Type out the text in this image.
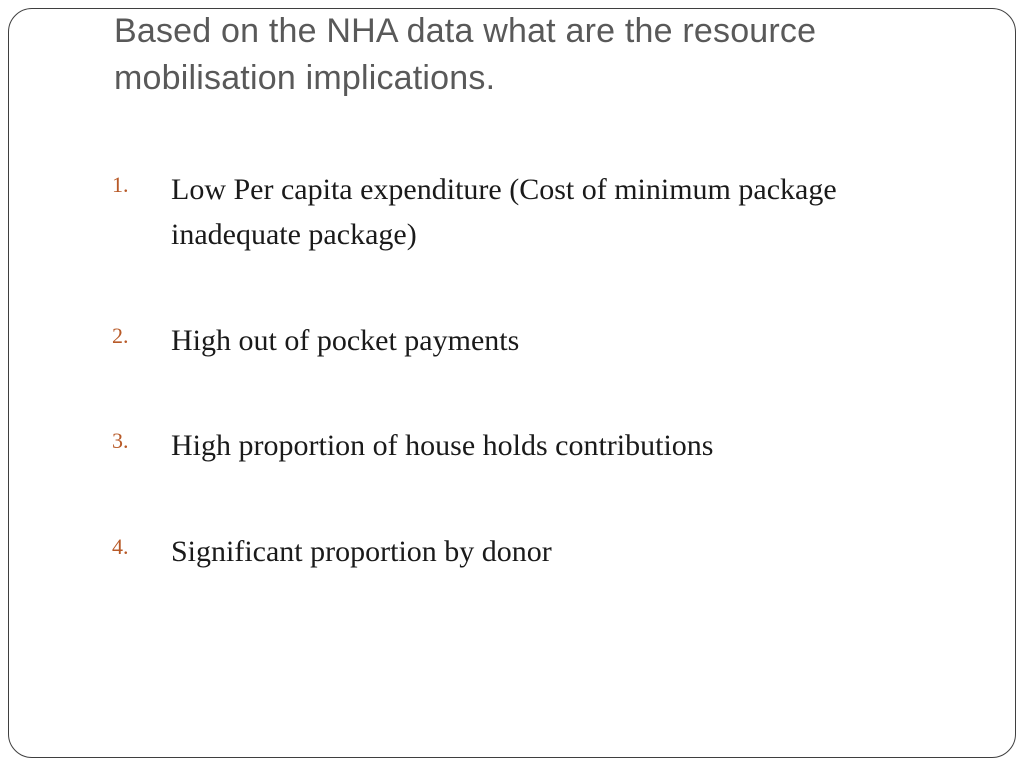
Based on the NHA data what are the resource mobilisation implications.
1. Low Per capita expenditure (Cost of minimum package inadequate package)
2. High out of pocket payments
3. High proportion of house holds contributions
4. Significant proportion by donor
